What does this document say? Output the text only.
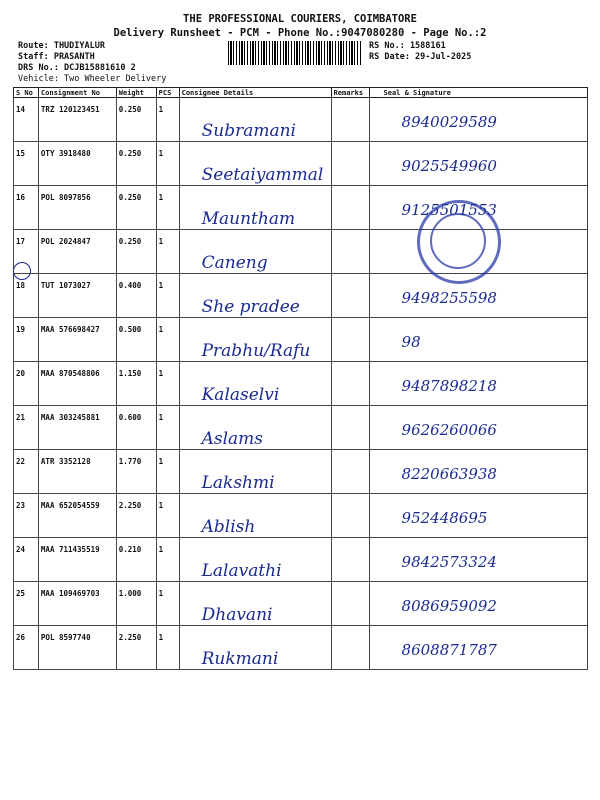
THE PROFESSIONAL COURIERS, COIMBATORE
Delivery Runsheet - PCM - Phone No.:9047080280 - Page No.:2
Route: THUDIYALUR
Staff: PRASANTH
DRS No.: DCJB15881610 2
Vehicle: Two Wheeler Delivery
RS No.: 1588161
RS Date: 29-Jul-2025
S No	Consignment No	Weight	PCS	Consignee Details	Remarks	Seal & Signature
14	TRZ 120123451	0.250	1	Subramani		8940029589

15	OTY 3918480	0.250	1	Seetaiyammal		9025549960

16	POL 8097856	0.250	1	Mauntham		9125501553

17	POL 2024847	0.250	1	Caneng		

18	TUT 1073027	0.400	1	She pradee		9498255598

19	MAA 576698427	0.500	1	Prabhu/Rafu		98

20	MAA 870548806	1.150	1	Kalaselvi		9487898218

21	MAA 303245881	0.600	1	Aslams		9626260066

22	ATR 3352128	1.770	1	Lakshmi		8220663938

23	MAA 652054559	2.250	1	Ablish		952448695

24	MAA 711435519	0.210	1	Lalavathi		9842573324

25	MAA 109469703	1.000	1	Dhavani		8086959092

26	POL 8597740	2.250	1	Rukmani		8608871787
